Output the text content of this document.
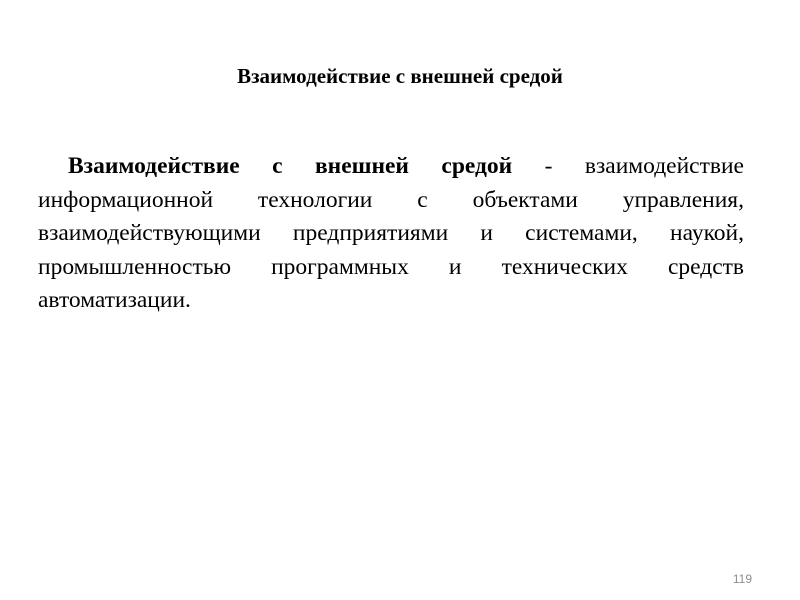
Взаимодействие с внешней средой

Взаимодействие с внешней средой - взаимодействие информационной технологии с объектами управления, взаимодействующими предприятиями и системами, наукой, промышленностью программных и технических средств автоматизации.

119
